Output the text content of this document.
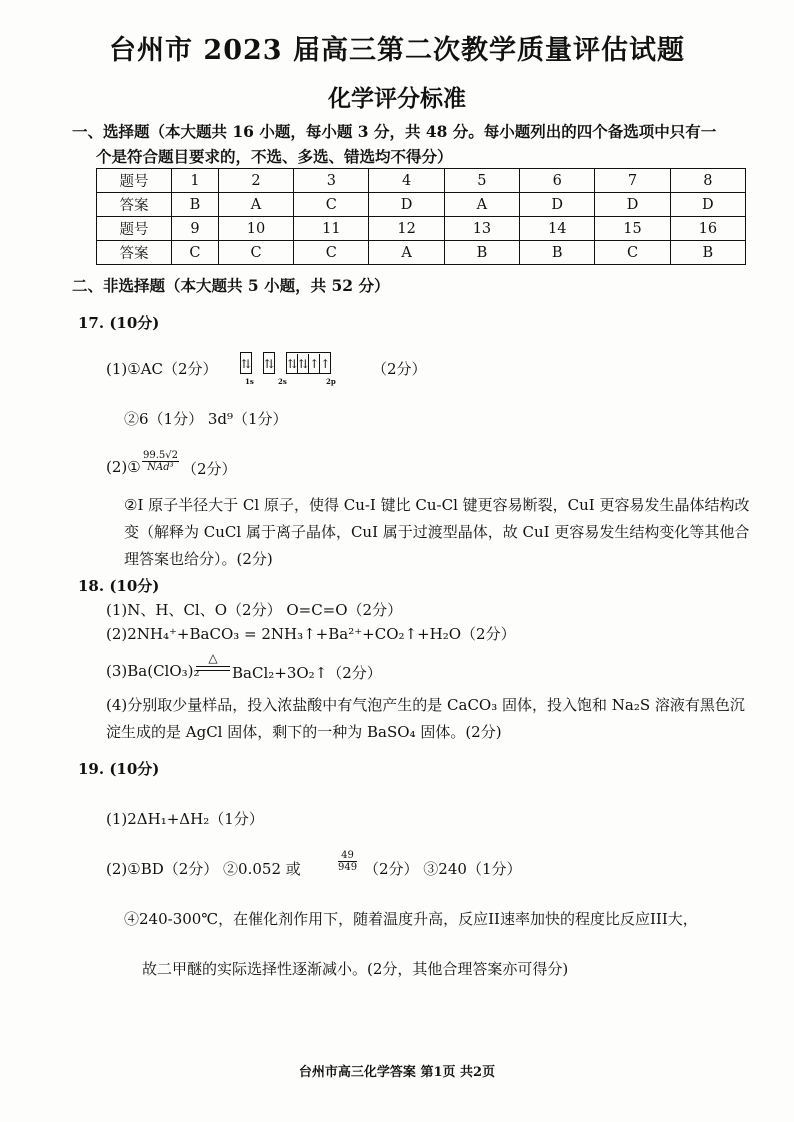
台州市 2023 届高三第二次教学质量评估试题
化学评分标准
一、选择题（本大题共 16 小题，每小题 3 分，共 48 分。每小题列出的四个备选项中只有一
个是符合题目要求的，不选、多选、错选均不得分）
题号	1	2	3	4	5	6	7	8
答案	B	A	C	D	A	D	D	D
题号	9	10	11	12	13	14	15	16
答案	C	C	C	A	B	B	C	B
二、非选择题（本大题共 5 小题，共 52 分）
17. (10分)
(1)①AC（2分） ⇅ ⇅ ⇅⇅↑↑
1s	2s	2p
（2分）
②6（1分） 3d⁹（1分）
(2)①
99.5√2
NAd³ （2分）
②I 原子半径大于 Cl 原子，使得 Cu-I 键比 Cu-Cl 键更容易断裂，CuI 更容易发生晶体结构改变（解释为 CuCl 属于离子晶体，CuI 属于过渡型晶体，故 CuI 更容易发生结构变化等其他合理答案也给分）。(2分)
18. (10分)
(1)N、H、Cl、O（2分） O=C=O（2分）
(2)2NH₄⁺+BaCO₃ = 2NH₃↑+Ba²⁺+CO₂↑+H₂O（2分）
(3)Ba(ClO₃)₂
△
BaCl₂+3O₂↑（2分）
(4)分别取少量样品，投入浓盐酸中有气泡产生的是 CaCO₃ 固体，投入饱和 Na₂S 溶液有黑色沉淀生成的是 AgCl 固体，剩下的一种为 BaSO₄ 固体。(2分)
19. (10分)
(1)2ΔH₁+ΔH₂（1分）
(2)①BD（2分） ②0.052 或	$\frac{49}{949} (2$分） ③240（1分）
④240-300℃，在催化剂作用下，随着温度升高，反应II速率加快的程度比反应III大，
故二甲醚的实际选择性逐渐减小。(2分，其他合理答案亦可得分)
台州市高三化学答案 第1页 共2页
